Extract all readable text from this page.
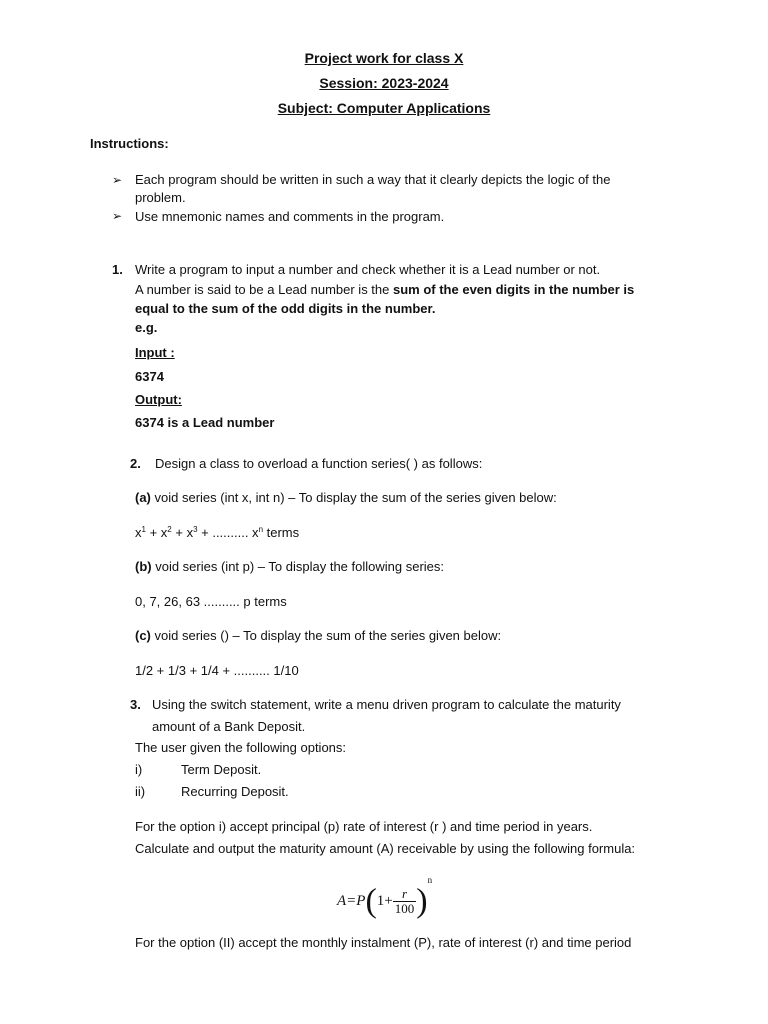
Project work for class X
Session: 2023-2024
Subject: Computer Applications
Instructions:
➢ Each program should be written in such a way that it clearly depicts the logic of the
problem.
➢ Use mnemonic names and comments in the program.
1. Write a program to input a number and check whether it is a Lead number or not.
A number is said to be a Lead number is the sum of the even digits in the number is
equal to the sum of the odd digits in the number.
e.g.
Input :
6374
Output:
6374 is a Lead number
2. Design a class to overload a function series( ) as follows:
(a) void series (int x, int n) – To display the sum of the series given below:
$x^1 + x^2 + x^3$ + .......... $x^n$ terms
(b) void series (int p) – To display the following series:
0, 7, 26, 63 .......... p terms
(c) void series () – To display the sum of the series given below:
1/2 + 1/3 + 1/4 + .......... 1/10
3. Using the switch statement, write a menu driven program to calculate the maturity
amount of a Bank Deposit.
The user given the following options:
i)	Term Deposit.
ii)	Recurring Deposit.
For the option i) accept principal (p) rate of interest (r ) and time period in years.
Calculate and output the maturity amount (A) receivable by using the following formula:
$A=P(1+ \frac{r}{100} )^n$
For the option (II) accept the monthly instalment (P), rate of interest (r) and time period
